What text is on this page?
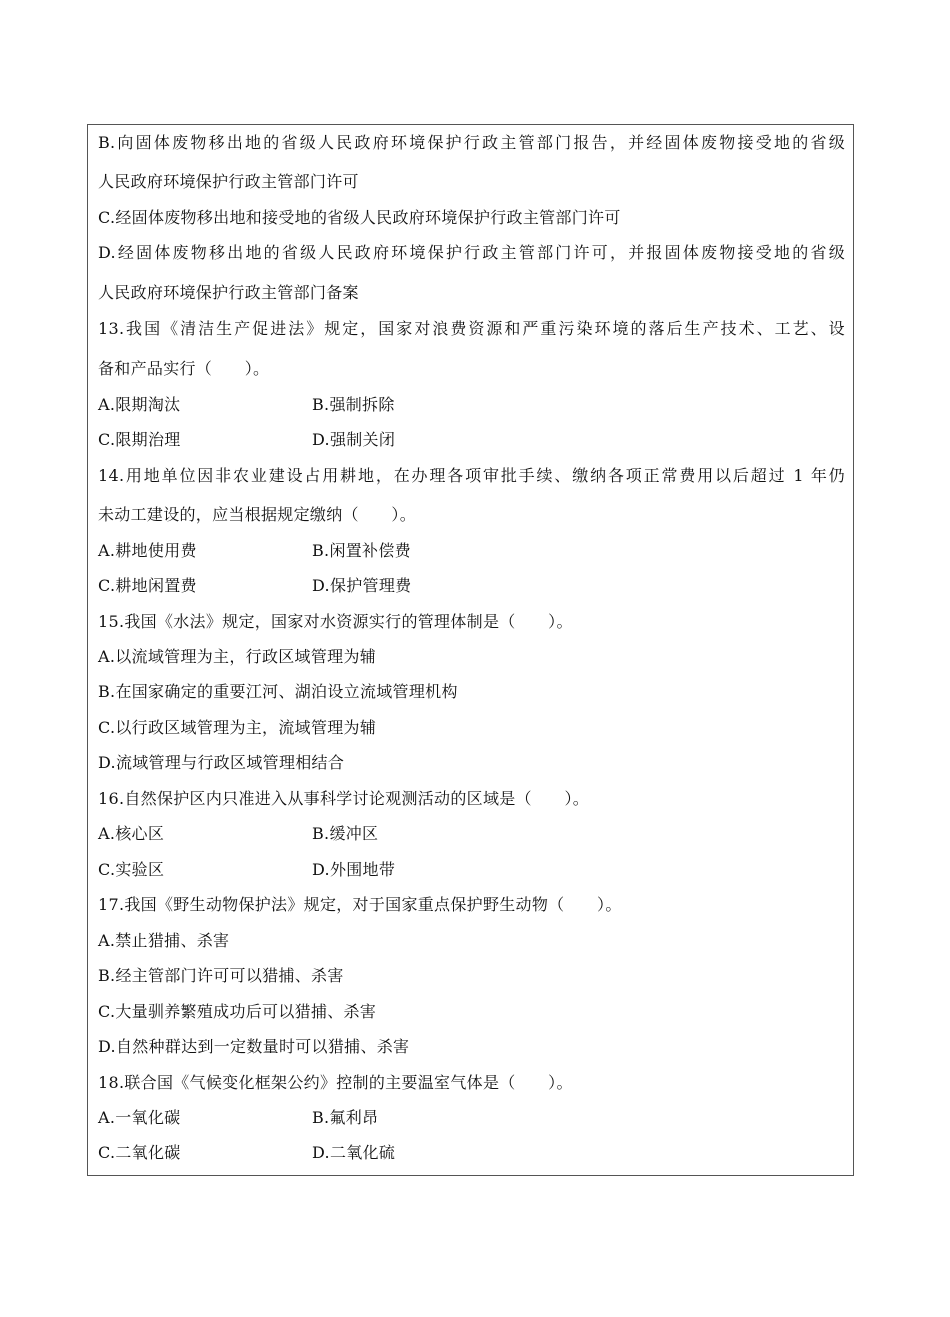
B.向固体废物移出地的省级人民政府环境保护行政主管部门报告，并经固体废物接受地的省级
人民政府环境保护行政主管部门许可
C.经固体废物移出地和接受地的省级人民政府环境保护行政主管部门许可
D.经固体废物移出地的省级人民政府环境保护行政主管部门许可，并报固体废物接受地的省级
人民政府环境保护行政主管部门备案
13.我国《清洁生产促进法》规定，国家对浪费资源和严重污染环境的落后生产技术、工艺、设
备和产品实行（　　）。
A.限期淘汰	B.强制拆除
C.限期治理	D.强制关闭
14.用地单位因非农业建设占用耕地，在办理各项审批手续、缴纳各项正常费用以后超过 1 年仍
未动工建设的，应当根据规定缴纳（　　）。
A.耕地使用费	B.闲置补偿费
C.耕地闲置费	D.保护管理费
15.我国《水法》规定，国家对水资源实行的管理体制是（　　）。
A.以流域管理为主，行政区域管理为辅
B.在国家确定的重要江河、湖泊设立流域管理机构
C.以行政区域管理为主，流域管理为辅
D.流域管理与行政区域管理相结合
16.自然保护区内只准进入从事科学讨论观测活动的区域是（　　）。
A.核心区	B.缓冲区
C.实验区	D.外围地带
17.我国《野生动物保护法》规定，对于国家重点保护野生动物（　　）。
A.禁止猎捕、杀害
B.经主管部门许可可以猎捕、杀害
C.大量驯养繁殖成功后可以猎捕、杀害
D.自然种群达到一定数量时可以猎捕、杀害
18.联合国《气候变化框架公约》控制的主要温室气体是（　　）。
A.一氧化碳	B.氟利昂
C.二氧化碳	D.二氧化硫
